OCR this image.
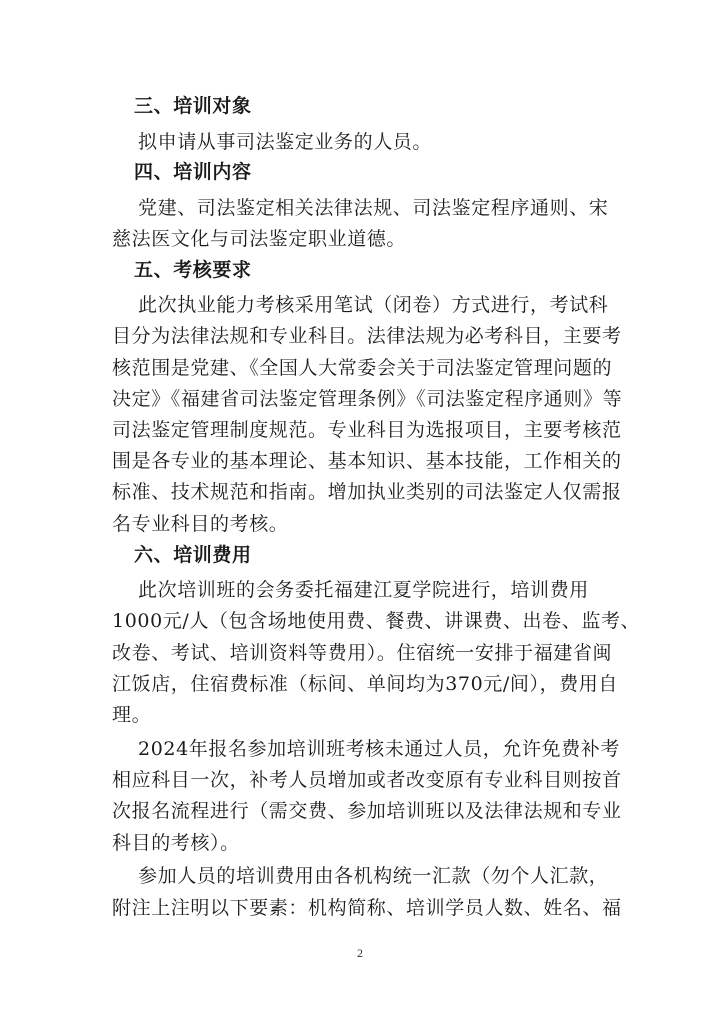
三、培训对象
拟申请从事司法鉴定业务的人员。
四、培训内容
党建、司法鉴定相关法律法规、司法鉴定程序通则、宋
慈法医文化与司法鉴定职业道德。
五、考核要求
此次执业能力考核采用笔试（闭卷）方式进行，考试科
目分为法律法规和专业科目。法律法规为必考科目，主要考
核范围是党建、《全国人大常委会关于司法鉴定管理问题的
决定》《福建省司法鉴定管理条例》《司法鉴定程序通则》等
司法鉴定管理制度规范。专业科目为选报项目，主要考核范
围是各专业的基本理论、基本知识、基本技能，工作相关的
标准、技术规范和指南。增加执业类别的司法鉴定人仅需报
名专业科目的考核。
六、培训费用
此次培训班的会务委托福建江夏学院进行，培训费用
1000元/人（包含场地使用费、餐费、讲课费、出卷、监考、
改卷、考试、培训资料等费用）。住宿统一安排于福建省闽
江饭店，住宿费标准（标间、单间均为370元/间），费用自
理。
2024年报名参加培训班考核未通过人员，允许免费补考
相应科目一次，补考人员增加或者改变原有专业科目则按首
次报名流程进行（需交费、参加培训班以及法律法规和专业
科目的考核）。
参加人员的培训费用由各机构统一汇款（勿个人汇款，
附注上注明以下要素：机构简称、培训学员人数、姓名、福
2
